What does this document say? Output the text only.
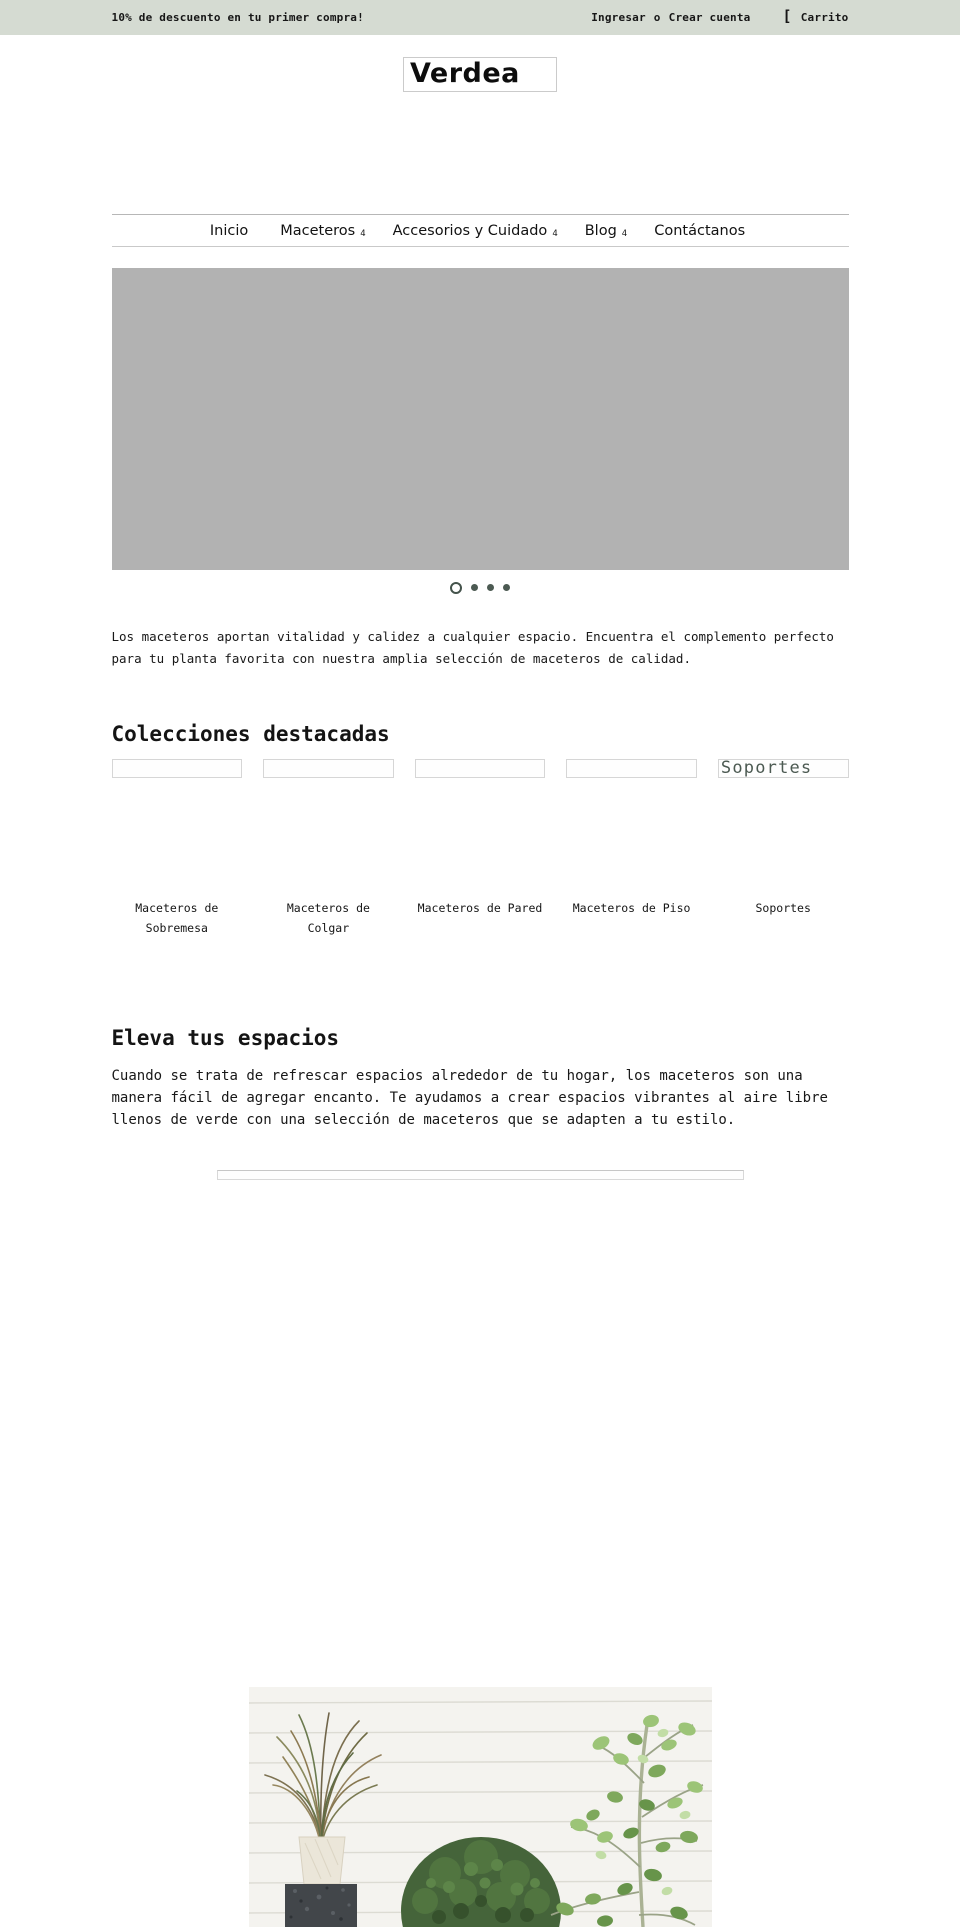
10% de descuento en tu primer compra!	Ingresar o Crear cuenta [ Carrito
Verdea
Inicio Maceteros 4 Accesorios y Cuidado 4 Blog 4 Contáctanos

Los maceteros aportan vitalidad y calidez a cualquier espacio. Encuentra el complemento perfecto para tu planta favorita con nuestra amplia selección de maceteros de calidad.

Colecciones destacadas
Maceteros de Sobremesa
Maceteros de Colgar
Maceteros de Pared	Maceteros de Piso
Soportes
Soportes
Eleva tus espacios

Cuando se trata de refrescar espacios alrededor de tu hogar, los maceteros son una manera fácil de agregar encanto. Te ayudamos a crear espacios vibrantes al aire libre llenos de verde con una selección de maceteros que se adapten a tu estilo.
